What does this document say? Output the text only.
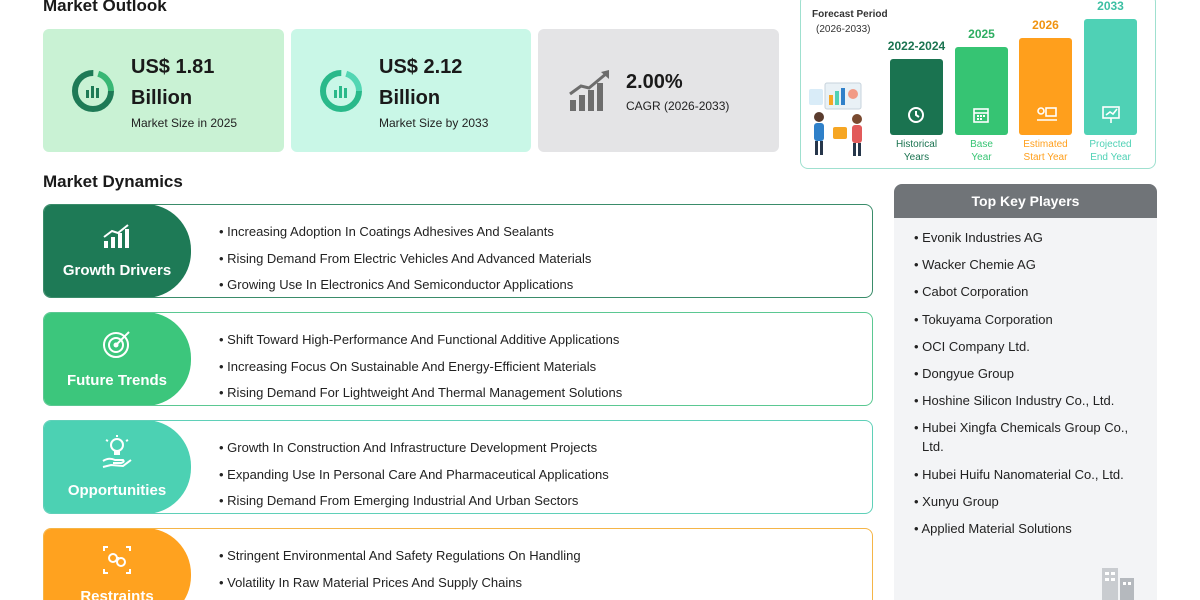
Market Outlook
US$ 1.81
Billion
Market Size in 2025
US$ 2.12
Billion
Market Size by 2033
2.00%
CAGR (2026-2033)
Forecast Period
(2026-2033)
2022-2024
Historical
Years
2025
Base
Year
2026
Estimated
Start Year
2033
Projected
End Year
Market Dynamics
Growth Drivers
• Increasing Adoption In Coatings Adhesives And Sealants
• Rising Demand From Electric Vehicles And Advanced Materials
• Growing Use In Electronics And Semiconductor Applications
Future Trends
• Shift Toward High-Performance And Functional Additive Applications
• Increasing Focus On Sustainable And Energy-Efficient Materials
• Rising Demand For Lightweight And Thermal Management Solutions
Opportunities
• Growth In Construction And Infrastructure Development Projects
• Expanding Use In Personal Care And Pharmaceutical Applications
• Rising Demand From Emerging Industrial And Urban Sectors
Restraints
• Stringent Environmental And Safety Regulations On Handling
• Volatility In Raw Material Prices And Supply Chains
Top Key Players
• Evonik Industries AG
• Wacker Chemie AG
• Cabot Corporation
• Tokuyama Corporation
• OCI Company Ltd.
• Dongyue Group
• Hoshine Silicon Industry Co., Ltd.
• Hubei Xingfa Chemicals Group Co., Ltd.
• Hubei Huifu Nanomaterial Co., Ltd.
• Xunyu Group
• Applied Material Solutions
